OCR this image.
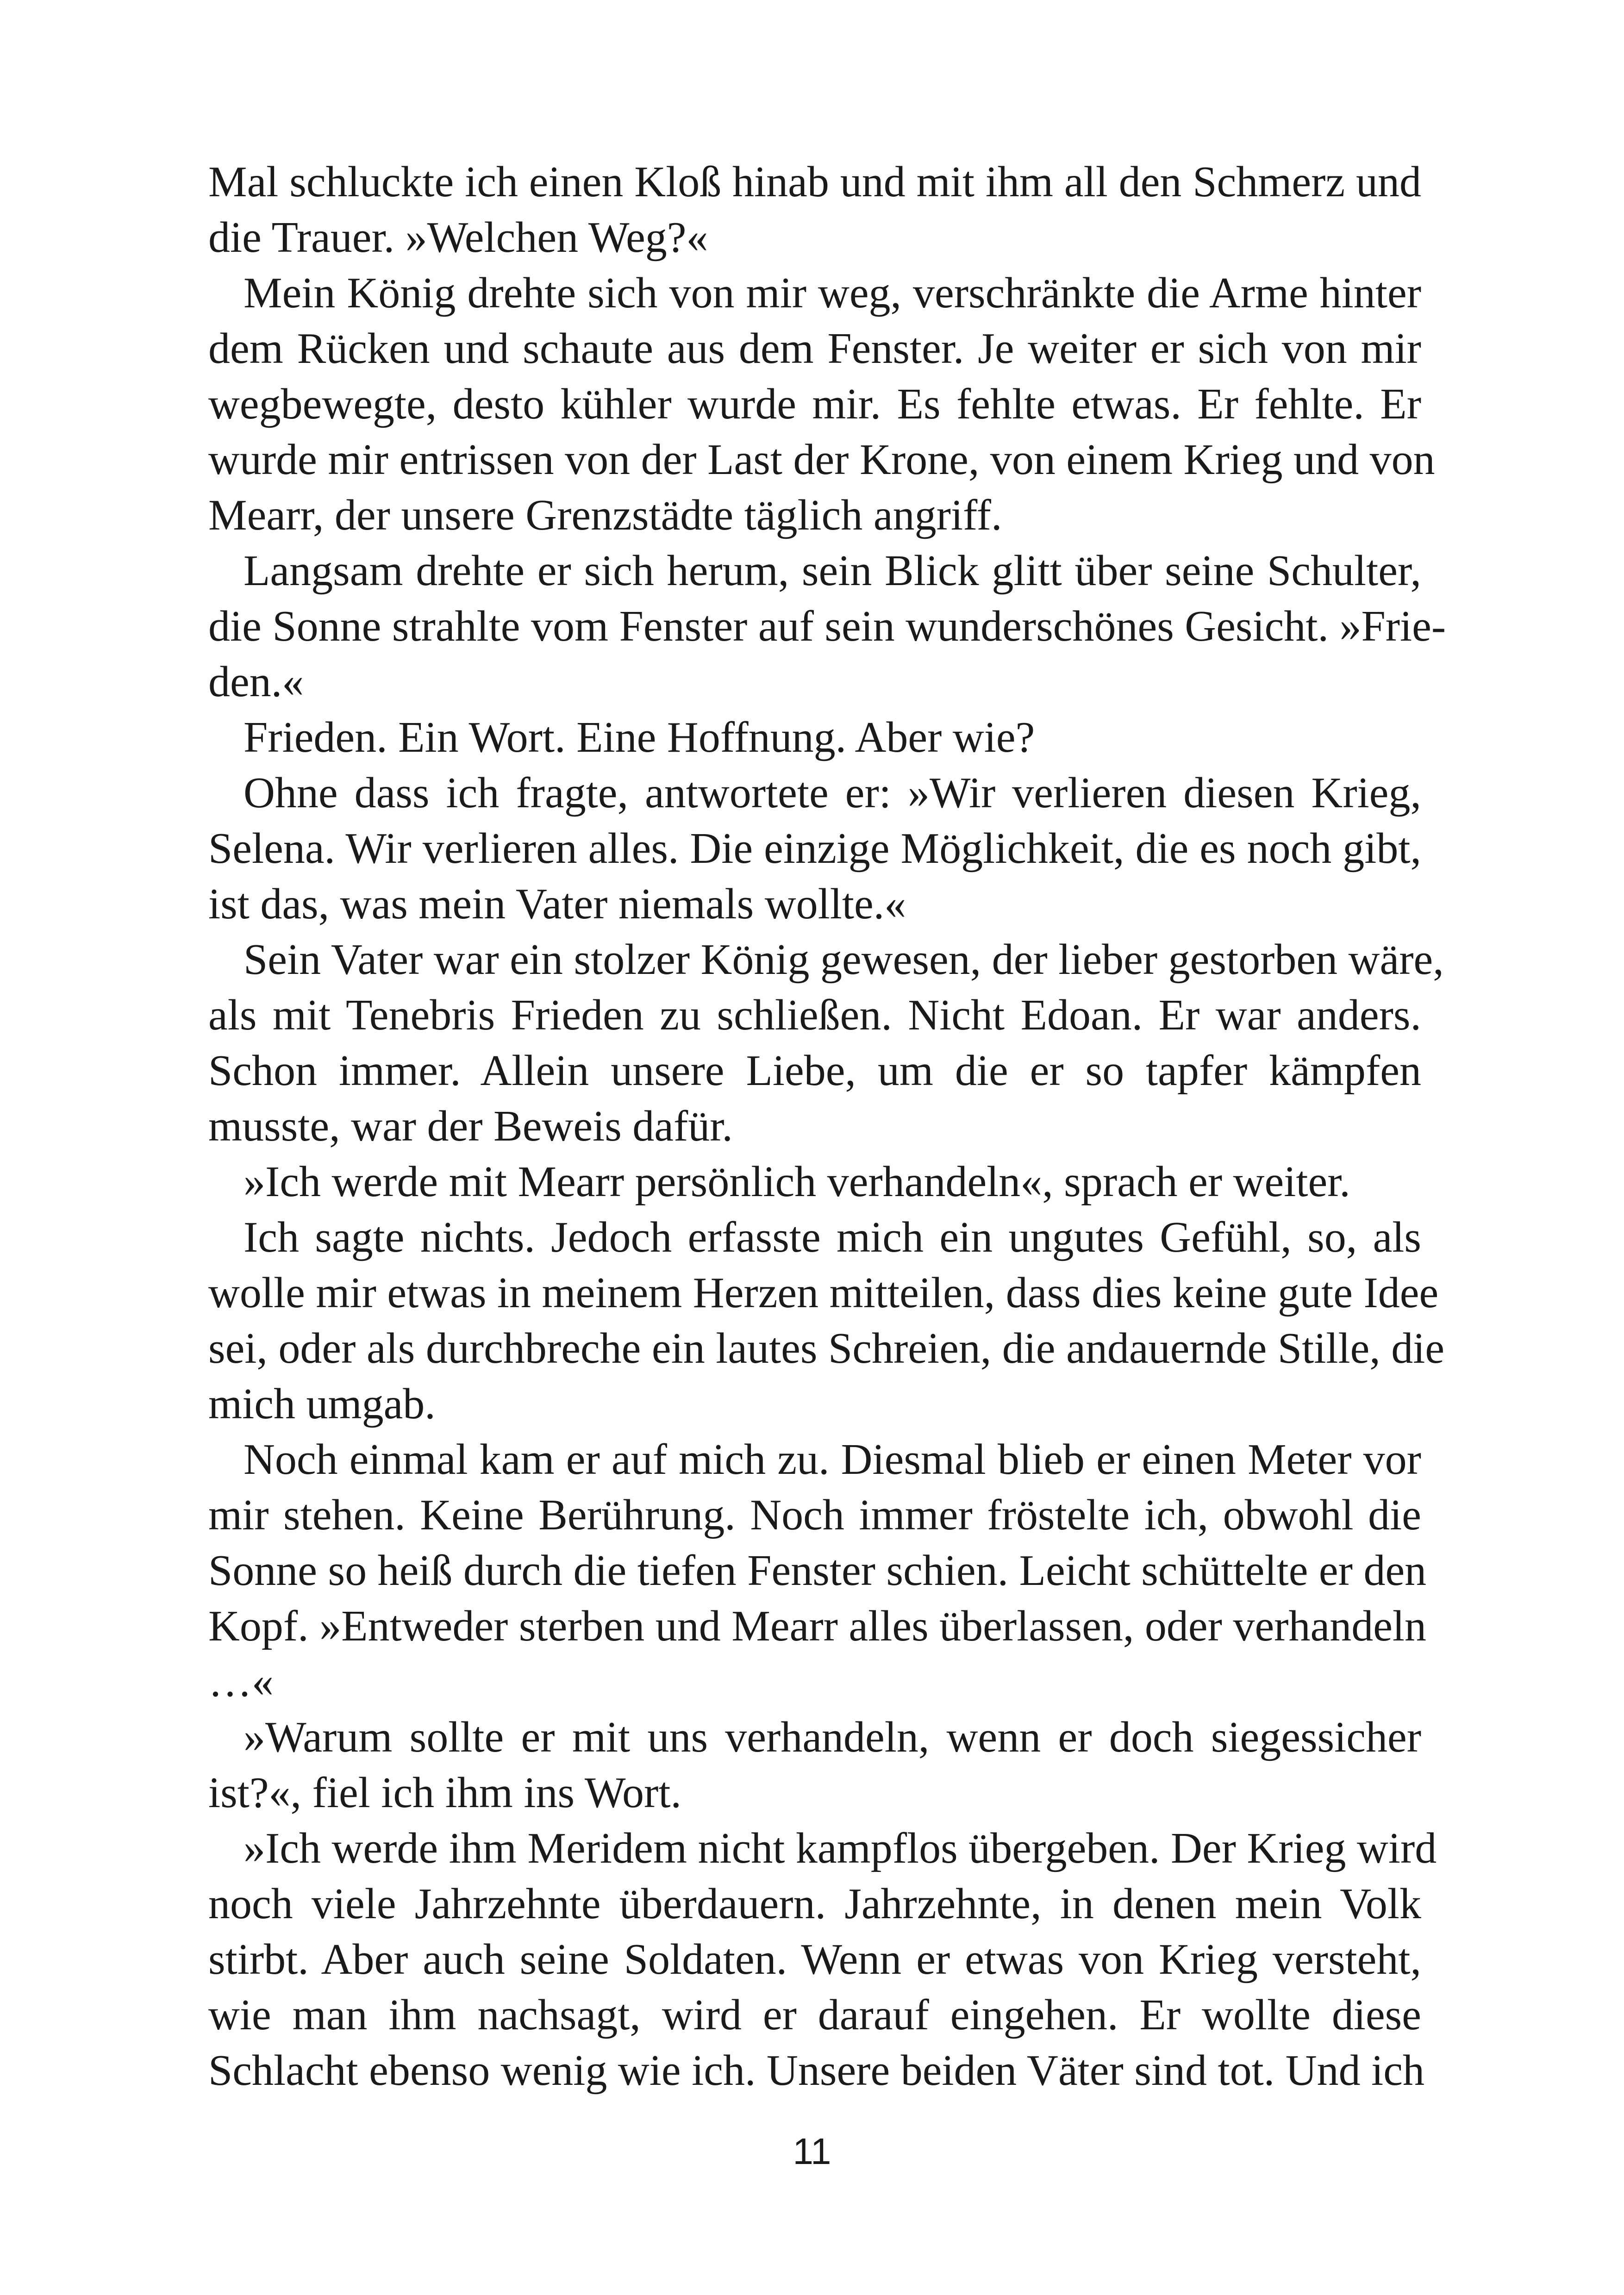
Mal schluckte ich einen Kloß hinab und mit ihm all den Schmerz und
die Trauer. »Welchen Weg?«
Mein König drehte sich von mir weg, verschränkte die Arme hinter
dem Rücken und schaute aus dem Fenster. Je weiter er sich von mir
wegbewegte, desto kühler wurde mir. Es fehlte etwas. Er fehlte. Er
wurde mir entrissen von der Last der Krone, von einem Krieg und von
Mearr, der unsere Grenzstädte täglich angriff.
Langsam drehte er sich herum, sein Blick glitt über seine Schulter,
die Sonne strahlte vom Fenster auf sein wunderschönes Gesicht. »Frie-
den.«
Frieden. Ein Wort. Eine Hoffnung. Aber wie?
Ohne dass ich fragte, antwortete er: »Wir verlieren diesen Krieg,
Selena. Wir verlieren alles. Die einzige Möglichkeit, die es noch gibt,
ist das, was mein Vater niemals wollte.«
Sein Vater war ein stolzer König gewesen, der lieber gestorben wäre,
als mit Tenebris Frieden zu schließen. Nicht Edoan. Er war anders.
Schon immer. Allein unsere Liebe, um die er so tapfer kämpfen
musste, war der Beweis dafür.
»Ich werde mit Mearr persönlich verhandeln«, sprach er weiter.
Ich sagte nichts. Jedoch erfasste mich ein ungutes Gefühl, so, als
wolle mir etwas in meinem Herzen mitteilen, dass dies keine gute Idee
sei, oder als durchbreche ein lautes Schreien, die andauernde Stille, die
mich umgab.
Noch einmal kam er auf mich zu. Diesmal blieb er einen Meter vor
mir stehen. Keine Berührung. Noch immer fröstelte ich, obwohl die
Sonne so heiß durch die tiefen Fenster schien. Leicht schüttelte er den
Kopf. »Entweder sterben und Mearr alles überlassen, oder verhandeln
…«
»Warum sollte er mit uns verhandeln, wenn er doch siegessicher
ist?«, fiel ich ihm ins Wort.
»Ich werde ihm Meridem nicht kampflos übergeben. Der Krieg wird
noch viele Jahrzehnte überdauern. Jahrzehnte, in denen mein Volk
stirbt. Aber auch seine Soldaten. Wenn er etwas von Krieg versteht,
wie man ihm nachsagt, wird er darauf eingehen. Er wollte diese
Schlacht ebenso wenig wie ich. Unsere beiden Väter sind tot. Und ich
11
